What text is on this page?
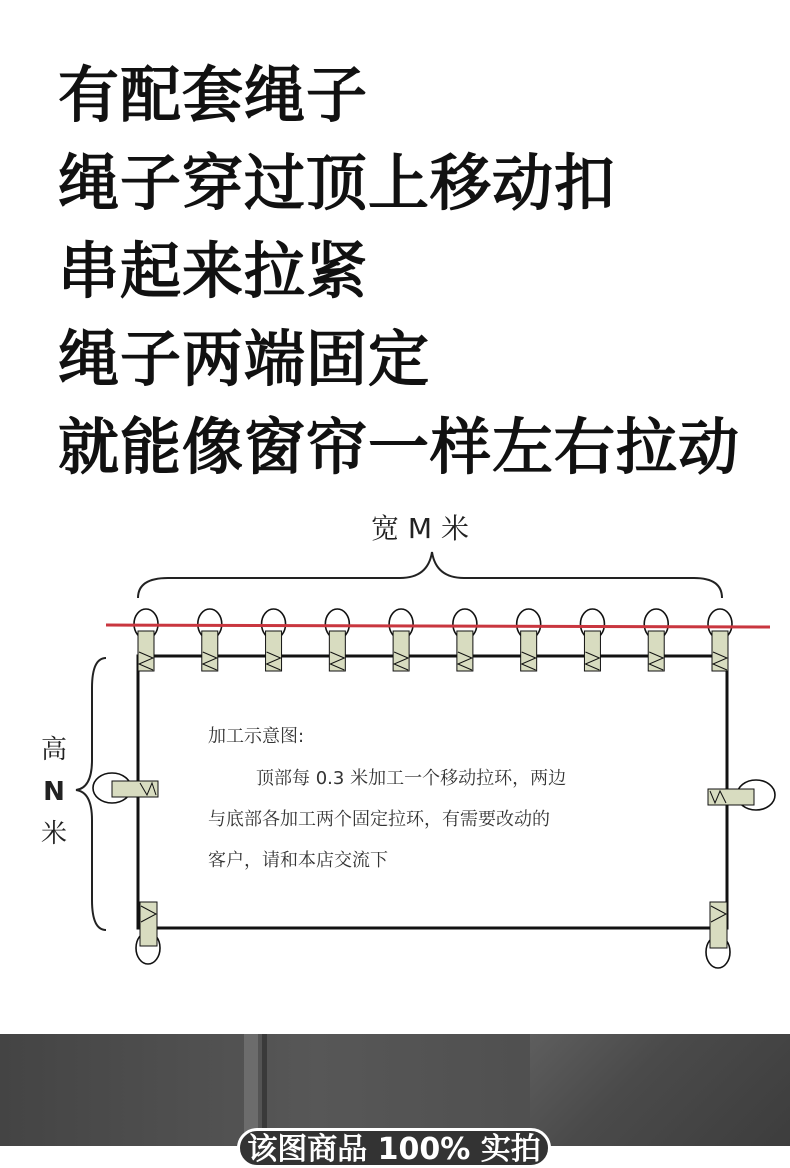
有配套绳子
绳子穿过顶上移动扣
串起来拉紧
绳子两端固定
就能像窗帘一样左右拉动
宽 M 米
高
N
米
加工示意图:
顶部每 0.3 米加工一个移动拉环，两边
与底部各加工两个固定拉环，有需要改动的
客户，请和本店交流下
该图商品 100% 实拍
